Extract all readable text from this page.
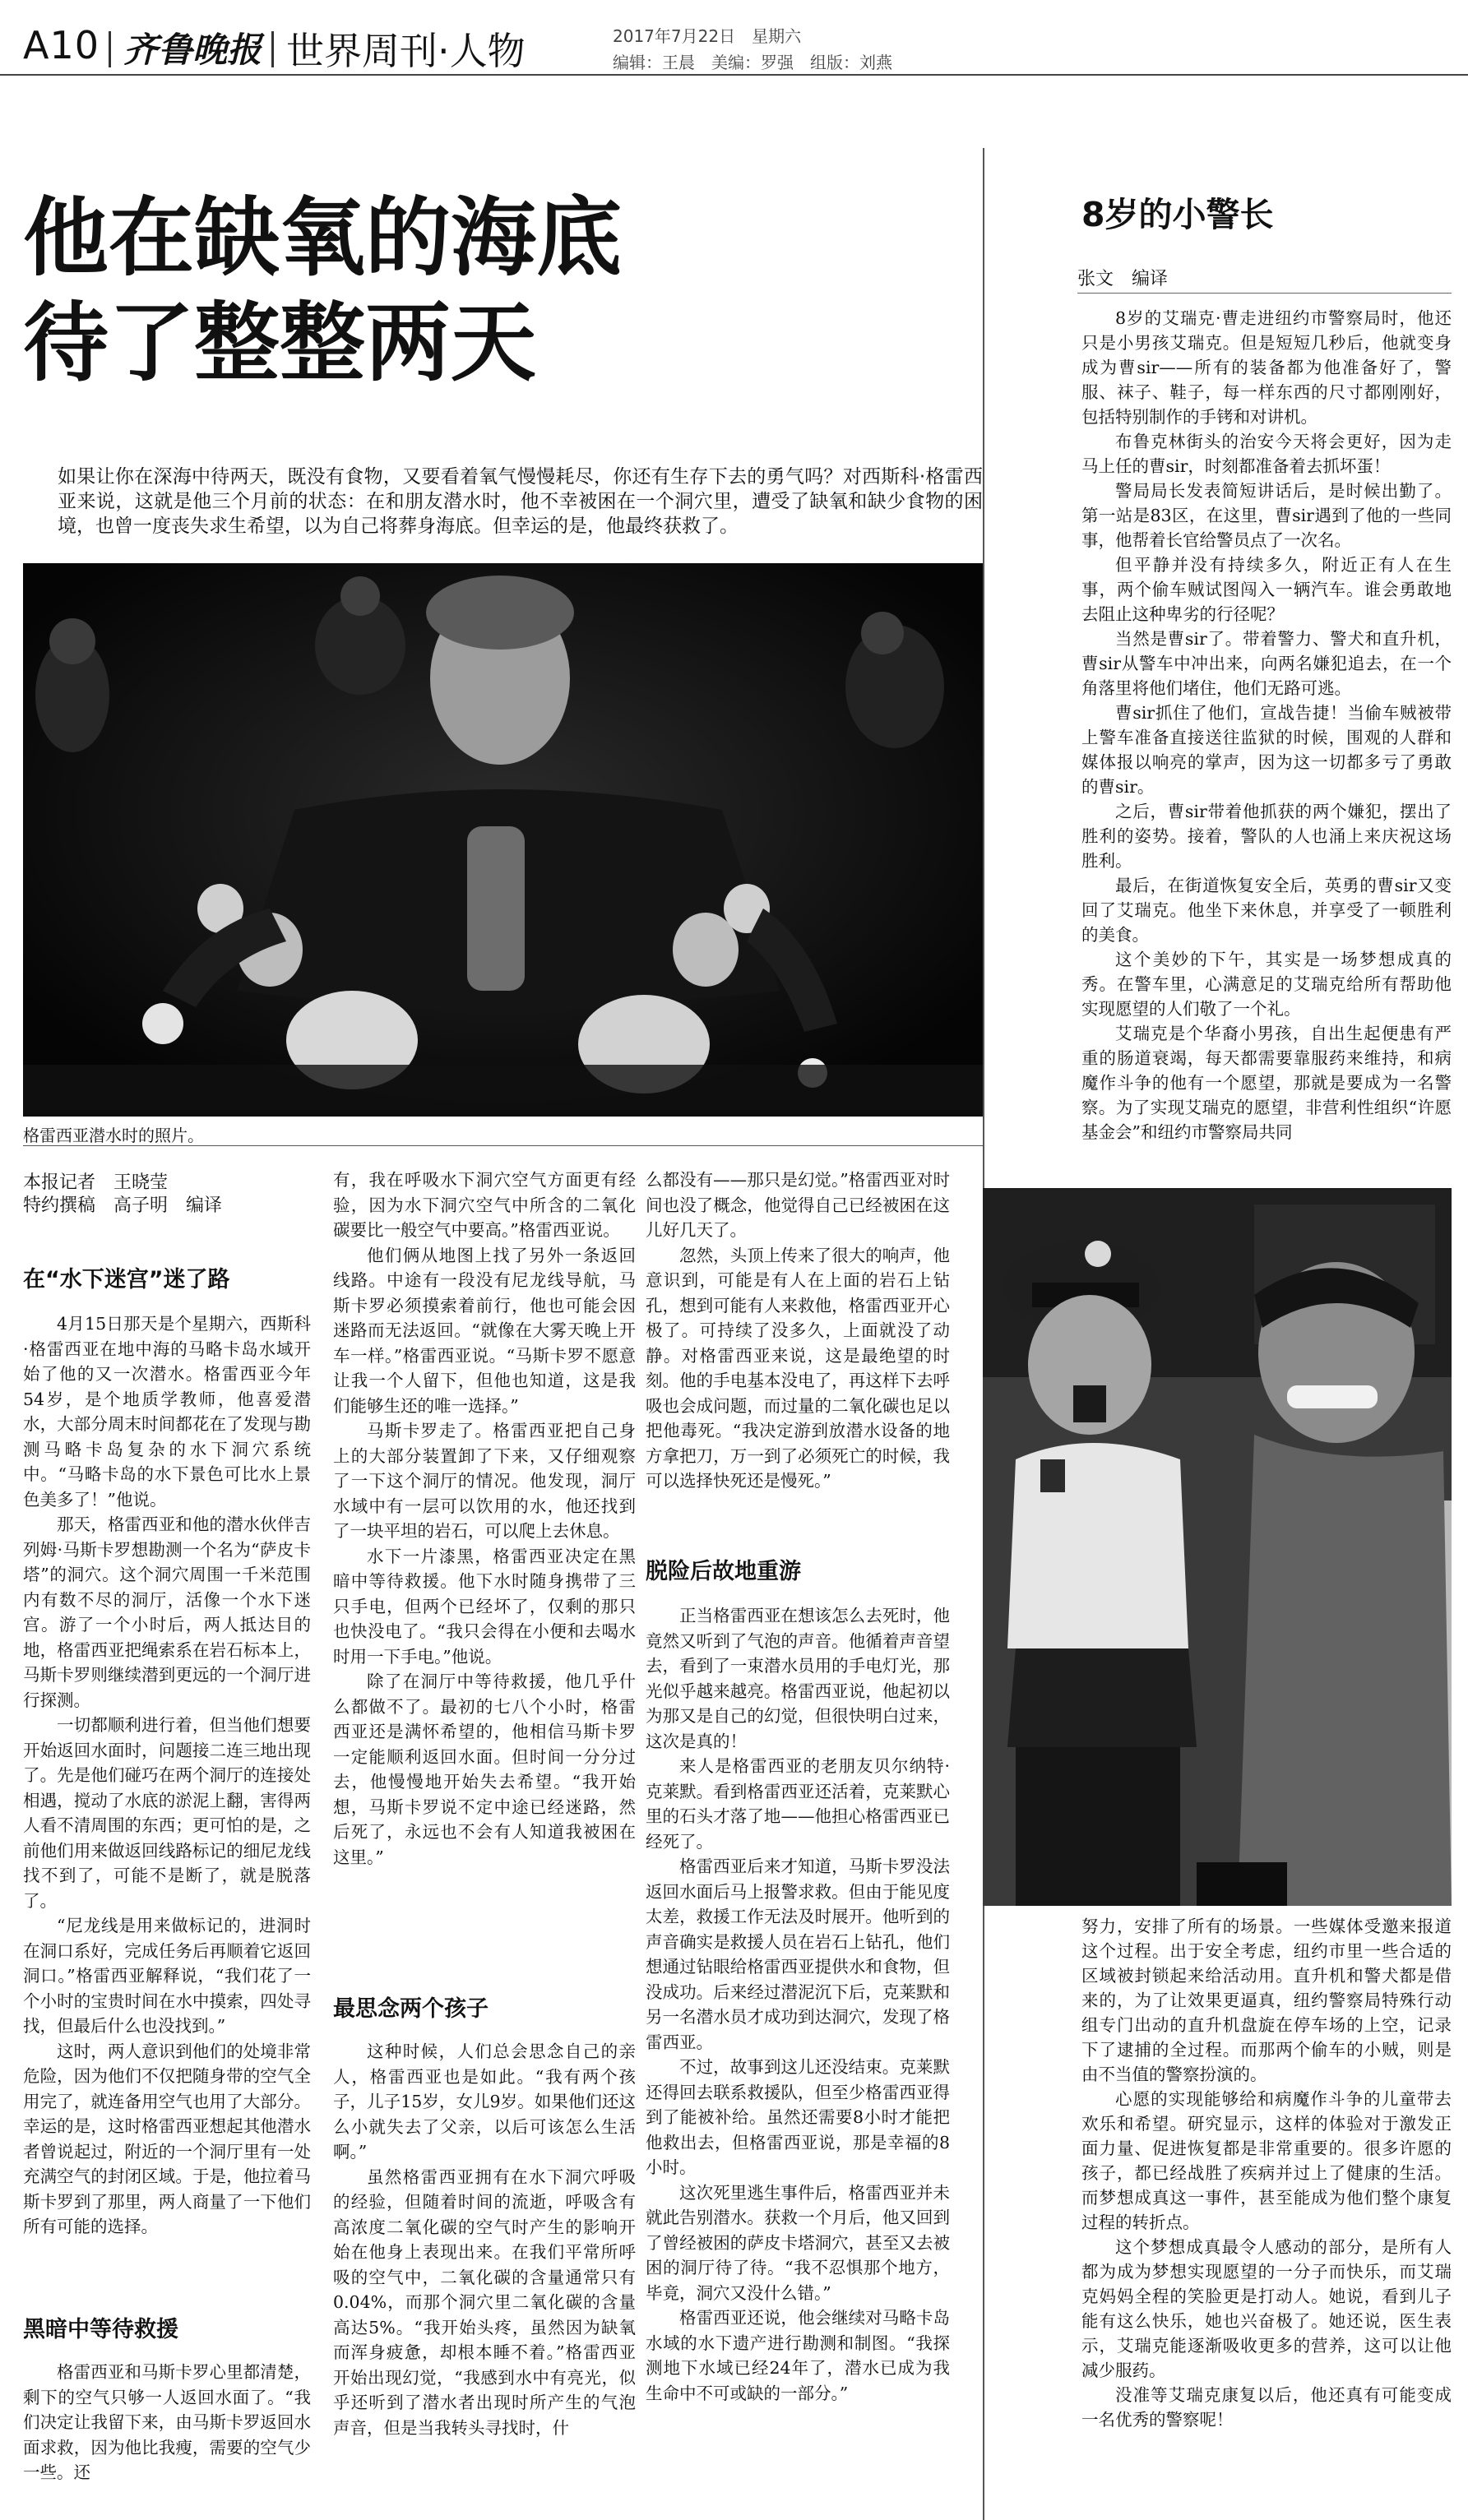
A10 齐鲁晚报 世界周刊·人物	2017年7月22日　星期六
编辑：王晨　美编：罗强　组版：刘燕
他在缺氧的海底
待了整整两天
如果让你在深海中待两天，既没有食物，又要看着氧气慢慢耗尽，你还有生存下去的勇气吗？对西斯科·格雷西亚来说，这就是他三个月前的状态：在和朋友潜水时，他不幸被困在一个洞穴里，遭受了缺氧和缺少食物的困境，也曾一度丧失求生希望，以为自己将葬身海底。但幸运的是，他最终获救了。
格雷西亚潜水时的照片。
本报记者　王晓莹
特约撰稿　高子明　编译
在“水下迷宫”迷了路

4月15日那天是个星期六，西斯科·格雷西亚在地中海的马略卡岛水域开始了他的又一次潜水。格雷西亚今年54岁，是个地质学教师，他喜爱潜水，大部分周末时间都花在了发现与勘测马略卡岛复杂的水下洞穴系统中。“马略卡岛的水下景色可比水上景色美多了！”他说。

那天，格雷西亚和他的潜水伙伴吉列姆·马斯卡罗想勘测一个名为“萨皮卡塔”的洞穴。这个洞穴周围一千米范围内有数不尽的洞厅，活像一个水下迷宫。游了一个小时后，两人抵达目的地，格雷西亚把绳索系在岩石标本上，马斯卡罗则继续潜到更远的一个洞厅进行探测。

一切都顺利进行着，但当他们想要开始返回水面时，问题接二连三地出现了。先是他们碰巧在两个洞厅的连接处相遇，搅动了水底的淤泥上翻，害得两人看不清周围的东西；更可怕的是，之前他们用来做返回线路标记的细尼龙线找不到了，可能不是断了，就是脱落了。

“尼龙线是用来做标记的，进洞时在洞口系好，完成任务后再顺着它返回洞口。”格雷西亚解释说，“我们花了一个小时的宝贵时间在水中摸索，四处寻找，但最后什么也没找到。”

这时，两人意识到他们的处境非常危险，因为他们不仅把随身带的空气全用完了，就连备用空气也用了大部分。幸运的是，这时格雷西亚想起其他潜水者曾说起过，附近的一个洞厅里有一处充满空气的封闭区域。于是，他拉着马斯卡罗到了那里，两人商量了一下他们所有可能的选择。

黑暗中等待救援

格雷西亚和马斯卡罗心里都清楚，剩下的空气只够一人返回水面了。“我们决定让我留下来，由马斯卡罗返回水面求救，因为他比我瘦，需要的空气少一些。还

有，我在呼吸水下洞穴空气方面更有经验，因为水下洞穴空气中所含的二氧化碳要比一般空气中要高。”格雷西亚说。

他们俩从地图上找了另外一条返回线路。中途有一段没有尼龙线导航，马斯卡罗必须摸索着前行，他也可能会因迷路而无法返回。“就像在大雾天晚上开车一样。”格雷西亚说。“马斯卡罗不愿意让我一个人留下，但他也知道，这是我们能够生还的唯一选择。”

马斯卡罗走了。格雷西亚把自己身上的大部分装置卸了下来，又仔细观察了一下这个洞厅的情况。他发现，洞厅水域中有一层可以饮用的水，他还找到了一块平坦的岩石，可以爬上去休息。

水下一片漆黑，格雷西亚决定在黑暗中等待救援。他下水时随身携带了三只手电，但两个已经坏了，仅剩的那只也快没电了。“我只会得在小便和去喝水时用一下手电。”他说。

除了在洞厅中等待救援，他几乎什么都做不了。最初的七八个小时，格雷西亚还是满怀希望的，他相信马斯卡罗一定能顺利返回水面。但时间一分分过去，他慢慢地开始失去希望。“我开始想，马斯卡罗说不定中途已经迷路，然后死了，永远也不会有人知道我被困在这里。”

最思念两个孩子

这种时候，人们总会思念自己的亲人，格雷西亚也是如此。“我有两个孩子，儿子15岁，女儿9岁。如果他们还这么小就失去了父亲，以后可该怎么生活啊。”

虽然格雷西亚拥有在水下洞穴呼吸的经验，但随着时间的流逝，呼吸含有高浓度二氧化碳的空气时产生的影响开始在他身上表现出来。在我们平常所呼吸的空气中，二氧化碳的含量通常只有0.04%，而那个洞穴里二氧化碳的含量高达5%。“我开始头疼，虽然因为缺氧而浑身疲惫，却根本睡不着。”格雷西亚开始出现幻觉，“我感到水中有亮光，似乎还听到了潜水者出现时所产生的气泡声音，但是当我转头寻找时，什

么都没有——那只是幻觉。”格雷西亚对时间也没了概念，他觉得自己已经被困在这儿好几天了。

忽然，头顶上传来了很大的响声，他意识到，可能是有人在上面的岩石上钻孔，想到可能有人来救他，格雷西亚开心极了。可持续了没多久，上面就没了动静。对格雷西亚来说，这是最绝望的时刻。他的手电基本没电了，再这样下去呼吸也会成问题，而过量的二氧化碳也足以把他毒死。“我决定游到放潜水设备的地方拿把刀，万一到了必须死亡的时候，我可以选择快死还是慢死。”

脱险后故地重游

正当格雷西亚在想该怎么去死时，他竟然又听到了气泡的声音。他循着声音望去，看到了一束潜水员用的手电灯光，那光似乎越来越亮。格雷西亚说，他起初以为那又是自己的幻觉，但很快明白过来，这次是真的！

来人是格雷西亚的老朋友贝尔纳特·克莱默。看到格雷西亚还活着，克莱默心里的石头才落了地——他担心格雷西亚已经死了。

格雷西亚后来才知道，马斯卡罗没法返回水面后马上报警求救。但由于能见度太差，救援工作无法及时展开。他听到的声音确实是救援人员在岩石上钻孔，他们想通过钻眼给格雷西亚提供水和食物，但没成功。后来经过潜泥沉下后，克莱默和另一名潜水员才成功到达洞穴，发现了格雷西亚。

不过，故事到这儿还没结束。克莱默还得回去联系救援队，但至少格雷西亚得到了能被补给。虽然还需要8小时才能把他救出去，但格雷西亚说，那是幸福的8小时。

这次死里逃生事件后，格雷西亚并未就此告别潜水。获救一个月后，他又回到了曾经被困的萨皮卡塔洞穴，甚至又去被困的洞厅待了待。“我不忍惧那个地方，毕竟，洞穴又没什么错。”

格雷西亚还说，他会继续对马略卡岛水域的水下遗产进行勘测和制图。“我探测地下水域已经24年了，潜水已成为我生命中不可或缺的一部分。”

8岁的小警长
张文　编译

8岁的艾瑞克·曹走进纽约市警察局时，他还只是小男孩艾瑞克。但是短短几秒后，他就变身成为曹sir——所有的装备都为他准备好了，警服、袜子、鞋子，每一样东西的尺寸都刚刚好，包括特别制作的手铐和对讲机。

布鲁克林街头的治安今天将会更好，因为走马上任的曹sir，时刻都准备着去抓坏蛋！

警局局长发表简短讲话后，是时候出勤了。第一站是83区，在这里，曹sir遇到了他的一些同事，他帮着长官给警员点了一次名。

但平静并没有持续多久，附近正有人在生事，两个偷车贼试图闯入一辆汽车。谁会勇敢地去阻止这种卑劣的行径呢？

当然是曹sir了。带着警力、警犬和直升机，曹sir从警车中冲出来，向两名嫌犯追去，在一个角落里将他们堵住，他们无路可逃。

曹sir抓住了他们，宣战告捷！当偷车贼被带上警车准备直接送往监狱的时候，围观的人群和媒体报以响亮的掌声，因为这一切都多亏了勇敢的曹sir。

之后，曹sir带着他抓获的两个嫌犯，摆出了胜利的姿势。接着，警队的人也涌上来庆祝这场胜利。

最后，在街道恢复安全后，英勇的曹sir又变回了艾瑞克。他坐下来休息，并享受了一顿胜利的美食。

这个美妙的下午，其实是一场梦想成真的秀。在警车里，心满意足的艾瑞克给所有帮助他实现愿望的人们敬了一个礼。

艾瑞克是个华裔小男孩，自出生起便患有严重的肠道衰竭，每天都需要靠服药来维持，和病魔作斗争的他有一个愿望，那就是要成为一名警察。为了实现艾瑞克的愿望，非营利性组织“许愿基金会”和纽约市警察局共同

努力，安排了所有的场景。一些媒体受邀来报道这个过程。出于安全考虑，纽约市里一些合适的区域被封锁起来给活动用。直升机和警犬都是借来的，为了让效果更逼真，纽约警察局特殊行动组专门出动的直升机盘旋在停车场的上空，记录下了逮捕的全过程。而那两个偷车的小贼，则是由不当值的警察扮演的。

心愿的实现能够给和病魔作斗争的儿童带去欢乐和希望。研究显示，这样的体验对于激发正面力量、促进恢复都是非常重要的。很多许愿的孩子，都已经战胜了疾病并过上了健康的生活。而梦想成真这一事件，甚至能成为他们整个康复过程的转折点。

这个梦想成真最令人感动的部分，是所有人都为成为梦想实现愿望的一分子而快乐，而艾瑞克妈妈全程的笑脸更是打动人。她说，看到儿子能有这么快乐，她也兴奋极了。她还说，医生表示，艾瑞克能逐渐吸收更多的营养，这可以让他减少服药。

没准等艾瑞克康复以后，他还真有可能变成一名优秀的警察呢！
